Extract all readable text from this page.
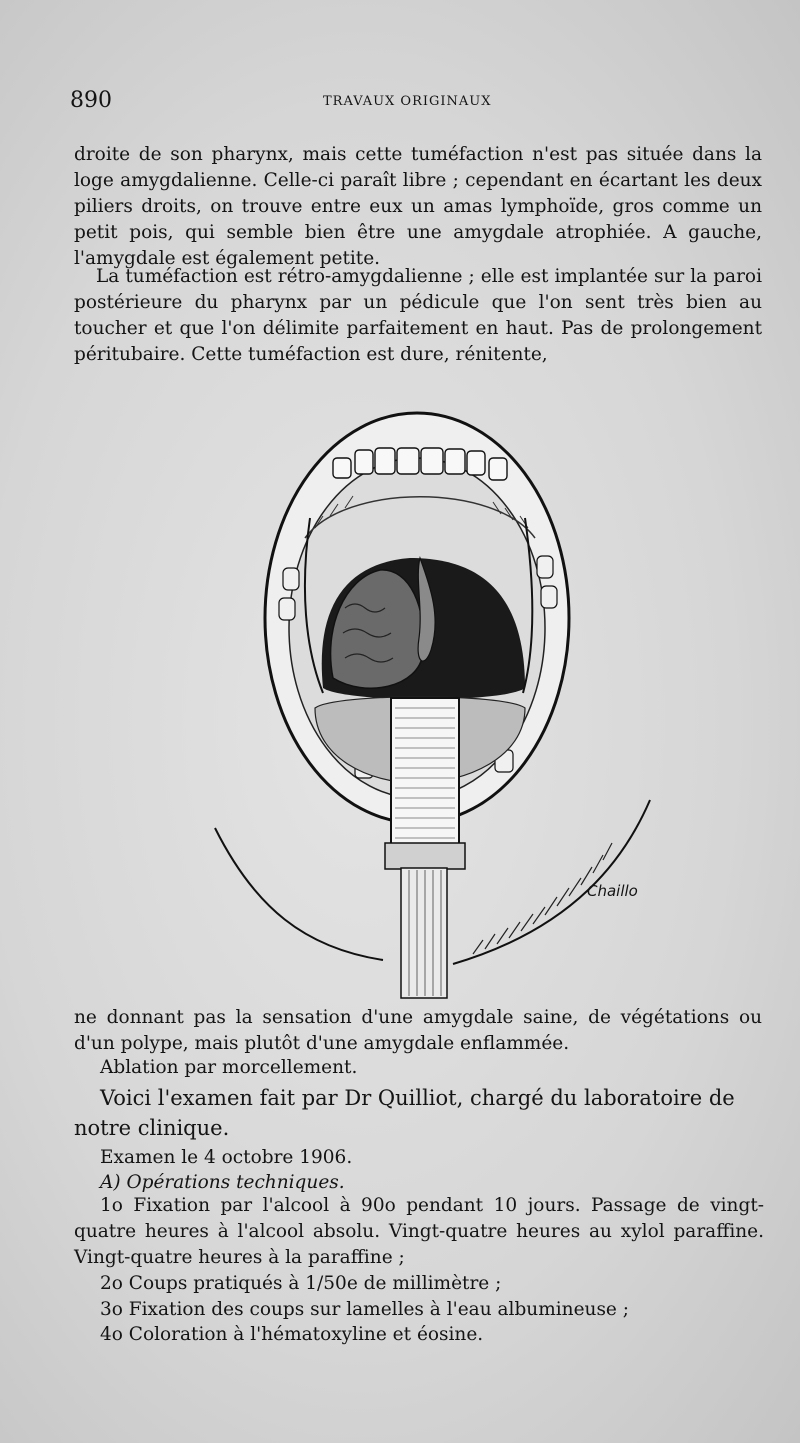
890	TRAVAUX ORIGINAUX
droite de son pharynx, mais cette tuméfaction n'est pas située dans la loge amygdalienne. Celle-ci paraît libre ; cependant en écartant les deux piliers droits, on trouve entre eux un amas lymphoïde, gros comme un petit pois, qui semble bien être une amygdale atrophiée. A gauche, l'amygdale est également petite.
La tuméfaction est rétro-amygdalienne ; elle est implantée sur la paroi postérieure du pharynx par un pédicule que l'on sent très bien au toucher et que l'on délimite parfaitement en haut. Pas de prolongement péritubaire. Cette tuméfaction est dure, rénitente,
Chaillo
ne donnant pas la sensation d'une amygdale saine, de végétations ou d'un polype, mais plutôt d'une amygdale enflammée.
Ablation par morcellement.
Voici l'examen fait par Dr Quilliot, chargé du laboratoire de notre clinique.
Examen le 4 octobre 1906.
A) Opérations techniques.
1o Fixation par l'alcool à 90o pendant 10 jours. Passage de vingt-quatre heures à l'alcool absolu. Vingt-quatre heures au xylol paraffine. Vingt-quatre heures à la paraffine ;
2o Coups pratiqués à 1/50e de millimètre ;
3o Fixation des coups sur lamelles à l'eau albumineuse ;
4o Coloration à l'hématoxyline et éosine.
